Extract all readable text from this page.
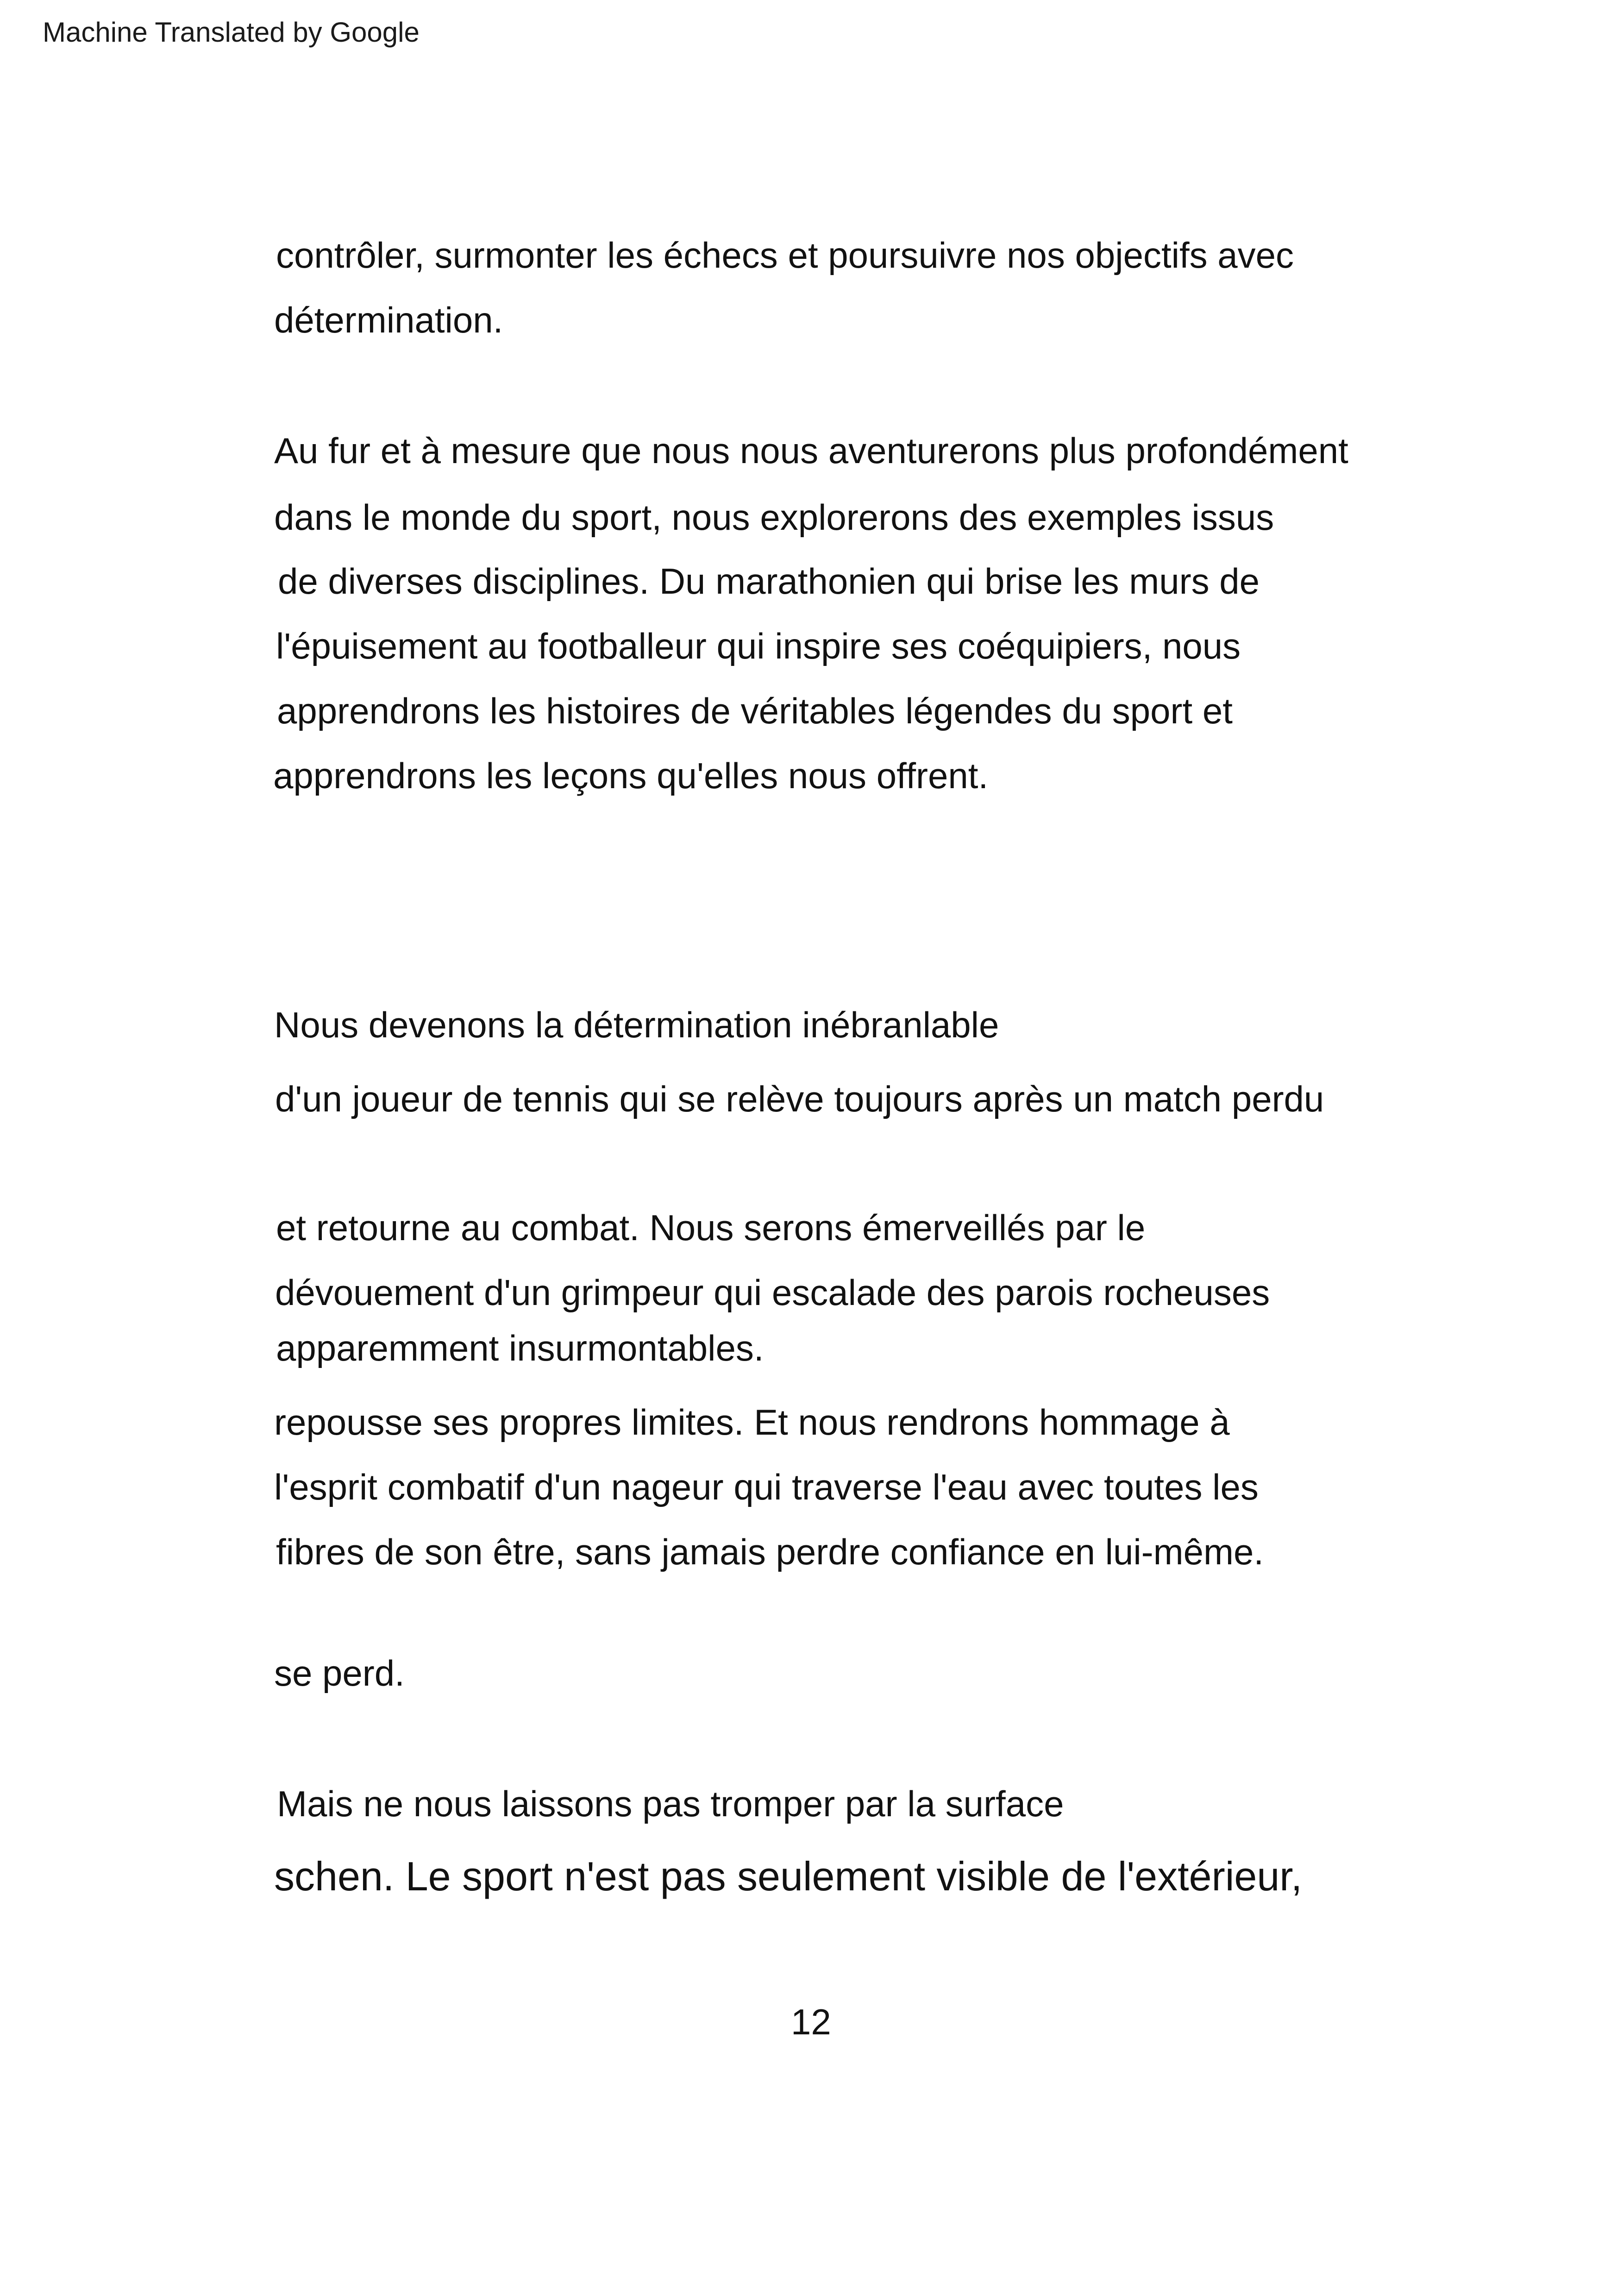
Machine Translated by Google
contrôler, surmonter les échecs et poursuivre nos objectifs avec
détermination.
Au fur et à mesure que nous nous aventurerons plus profondément
dans le monde du sport, nous explorerons des exemples issus
de diverses disciplines. Du marathonien qui brise les murs de
l'épuisement au footballeur qui inspire ses coéquipiers, nous
apprendrons les histoires de véritables légendes du sport et
apprendrons les leçons qu'elles nous offrent.
Nous devenons la détermination inébranlable
d'un joueur de tennis qui se relève toujours après un match perdu
et retourne au combat. Nous serons émerveillés par le
dévouement d'un grimpeur qui escalade des parois rocheuses
apparemment insurmontables.
repousse ses propres limites. Et nous rendrons hommage à
l'esprit combatif d'un nageur qui traverse l'eau avec toutes les
fibres de son être, sans jamais perdre confiance en lui-même.
se perd.
Mais ne nous laissons pas tromper par la surface
schen. Le sport n'est pas seulement visible de l'extérieur,
12
